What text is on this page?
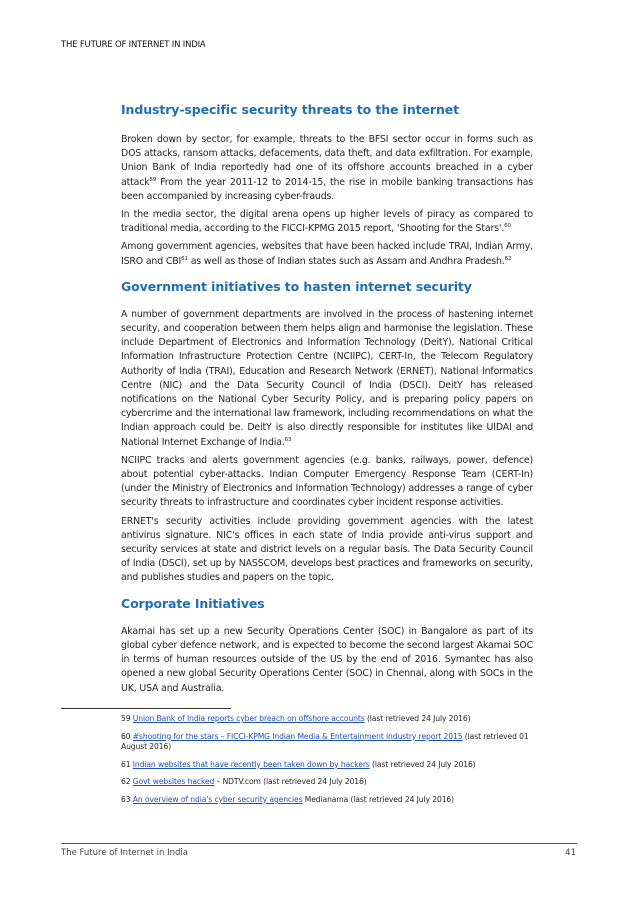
THE FUTURE OF INTERNET IN INDIA
Industry-specific security threats to the internet

Broken down by sector, for example, threats to the BFSI sector occur in forms such as DOS attacks, ransom attacks, defacements, data theft, and data exfiltration. For example, Union Bank of India reportedly had one of its offshore accounts breached in a cyber attack$^{59}$ From the year 2011-12 to 2014-15, the rise in mobile banking transactions has been accompanied by increasing cyber-frauds.

In the media sector, the digital arena opens up higher levels of piracy as compared to traditional media, according to the FICCI-KPMG 2015 report, 'Shooting for the Stars'.$^{60}$

Among government agencies, websites that have been hacked include TRAI, Indian Army, ISRO and CBI$^{61}$ as well as those of Indian states such as Assam and Andhra Pradesh.$^{62}$

Government initiatives to hasten internet security

A number of government departments are involved in the process of hastening internet security, and cooperation between them helps align and harmonise the legislation. These include Department of Electronics and Information Technology (DeitY), National Critical Information Infrastructure Protection Centre (NCIIPC), CERT-In, the Telecom Regulatory Authority of India (TRAI), Education and Research Network (ERNET), National Informatics Centre (NIC) and the Data Security Council of India (DSCI). DeitY has released notifications on the National Cyber Security Policy, and is preparing policy papers on cybercrime and the international law framework, including recommendations on what the Indian approach could be. DeitY is also directly responsible for institutes like UIDAI and National Internet Exchange of India.$^{63}$

NCIIPC tracks and alerts government agencies (e.g. banks, railways, power, defence) about potential cyber-attacks. Indian Computer Emergency Response Team (CERT-In) (under the Ministry of Electronics and Information Technology) addresses a range of cyber security threats to infrastructure and coordinates cyber incident response activities.

ERNET's security activities include providing government agencies with the latest antivirus signature. NIC's offices in each state of India provide anti-virus support and security services at state and district levels on a regular basis. The Data Security Council of India (DSCI), set up by NASSCOM, develops best practices and frameworks on security, and publishes studies and papers on the topic.

Corporate Initiatives

Akamai has set up a new Security Operations Center (SOC) in Bangalore as part of its global cyber defence network, and is expected to become the second largest Akamai SOC in terms of human resources outside of the US by the end of 2016. Symantec has also opened a new global Security Operations Center (SOC) in Chennai, along with SOCs in the UK, USA and Australia.

59 Union Bank of India reports cyber breach on offshore accounts (last retrieved 24 July 2016)
60 #shooting for the stars – FICCI-KPMG Indian Media & Entertainment industry report 2015 (last retrieved 01 August 2016)
61 Indian websites that have recently been taken down by hackers (last retrieved 24 July 2016)
62 Govt websites hacked – NDTV.com (last retrieved 24 July 2016)
63 An overview of ndia's cyber security agencies Medianama (last retrieved 24 July 2016)
The Future of Internet in India	41
